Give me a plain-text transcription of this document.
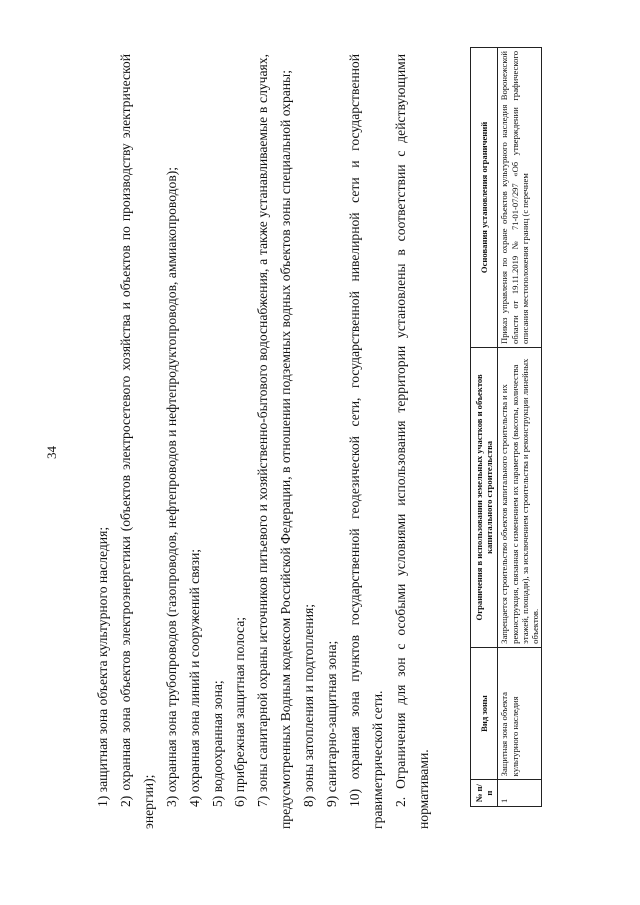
34

1) защитная зона объекта культурного наследия; 2) охранная зона объектов электроэнергетики (объектов электросетевого хозяйства и объектов по производству электрической энергии); 3) охранная зона трубопроводов (газопроводов, нефтепроводов и нефтепродуктопроводов, аммиакопроводов); 4) охранная зона линий и сооружений связи; 5) водоохранная зона; 6) прибрежная защитная полоса; 7) зоны санитарной охраны источников питьевого и хозяйственно-бытового водоснабжения, а также устанавливаемые в случаях, предусмотренных Водным кодексом Российской Федерации, в отношении подземных водных объектов зоны специальной охраны; 8) зоны затопления и подтопления; 9) санитарно-защитная зона; 10) охранная зона пунктов государственной геодезической сети, государственной нивелирной сети и государственной гравиметрической сети. 2. Ограничения для зон с особыми условиями использования территории установлены в соответствии с действующими нормативами.	№ п/п	Вид зоны	Ограничения в использовании земельных участков и объектов капитального строительства	Основания установления ограничений
1	Защитная зона объекта культурного наследия	Запрещается строительство объектов капитального строительства и их реконструкция, связанная с изменением их параметров (высоты, количества этажей, площади), за исключением строительства и реконструкции линейных объектов.	Приказ управления по охране объектов культурного наследия Воронежской области от 19.11.2019 № 71-01-07/297 «Об утверждении графического описания местоположения границ (с перечнем
